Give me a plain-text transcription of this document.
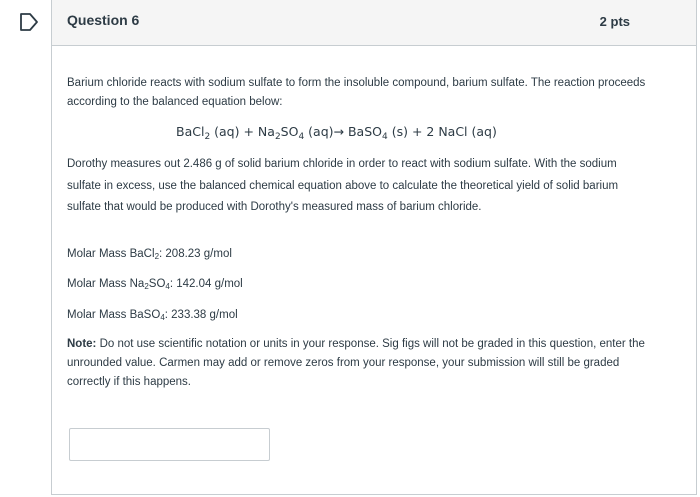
Question 6	2 pts

Barium chloride reacts with sodium sulfate to form the insoluble compound, barium sulfate. The reaction proceeds according to the balanced equation below:

BaCl$_2$ $(aq) + Na_2SO_4$ (aq)→ BaSO$_4$ (s) + 2 NaCl (aq)
Dorothy measures out 2.486 g of solid barium chloride in order to react with sodium sulfate. With the sodium sulfate in excess, use the balanced chemical equation above to calculate the theoretical yield of solid barium sulfate that would be produced with Dorothy's measured mass of barium chloride.
Molar Mass BaCl$_2$: 208.23 g/mol
Molar Mass $Na_2SO_4$: 142.04 g/mol
Molar Mass BaSO$_4$: 233.38 g/mol
Note: Do not use scientific notation or units in your response. Sig figs will not be graded in this question, enter the unrounded value. Carmen may add or remove zeros from your response, your submission will still be graded correctly if this happens.
